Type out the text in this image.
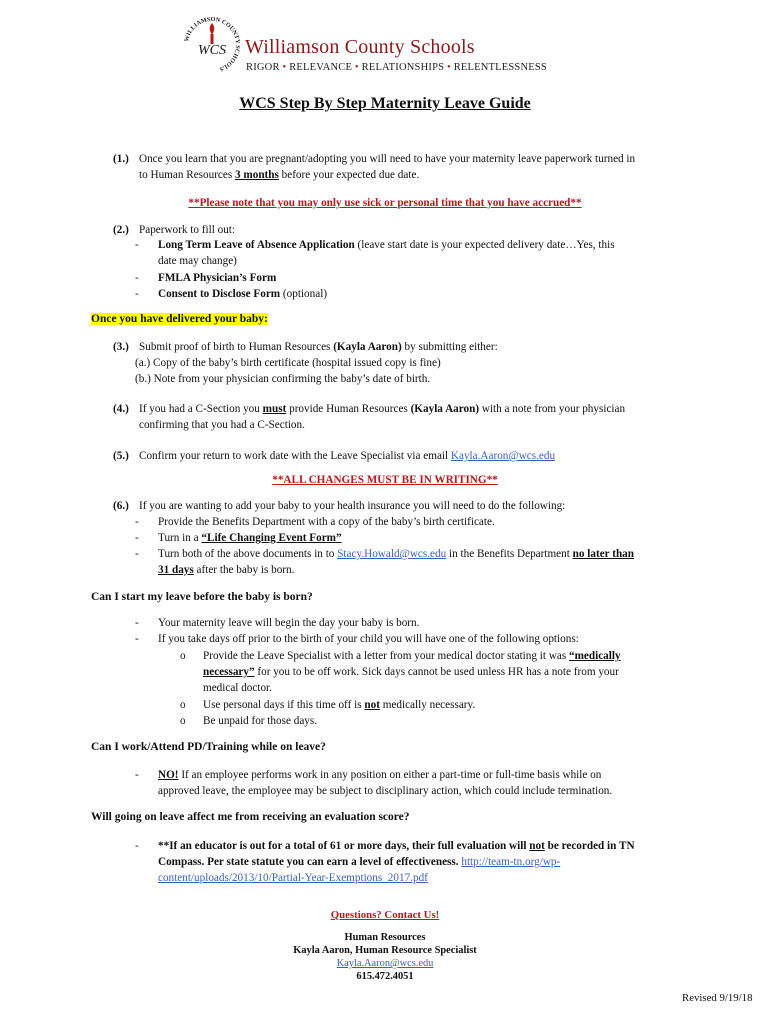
WILLIAMSON COUNTY SCHOOLS
WCS Williamson County Schools
RIGOR • RELEVANCE • RELATIONSHIPS • RELENTLESSNESS
WCS Step By Step Maternity Leave Guide
(1.) Once you learn that you are pregnant/adopting you will need to have your maternity leave paperwork turned in
to Human Resources 3 months before your expected due date.
**Please note that you may only use sick or personal time that you have accrued**
(2.) Paperwork to fill out:
- Long Term Leave of Absence Application (leave start date is your expected delivery date…Yes, this
date may change)
- FMLA Physician’s Form
- Consent to Disclose Form (optional)
Once you have delivered your baby:
(3.) Submit proof of birth to Human Resources (Kayla Aaron) by submitting either:
(a.) Copy of the baby’s birth certificate (hospital issued copy is fine)
(b.) Note from your physician confirming the baby’s date of birth.
(4.) If you had a C-Section you must provide Human Resources (Kayla Aaron) with a note from your physician
confirming that you had a C-Section.
(5.) Confirm your return to work date with the Leave Specialist via email Kayla.Aaron@wcs.edu
**ALL CHANGES MUST BE IN WRITING**
(6.) If you are wanting to add your baby to your health insurance you will need to do the following:
- Provide the Benefits Department with a copy of the baby’s birth certificate.
- Turn in a “Life Changing Event Form”
- Turn both of the above documents in to Stacy.Howald@wcs.edu in the Benefits Department no later than
31 days after the baby is born.
Can I start my leave before the baby is born?
- Your maternity leave will begin the day your baby is born.
- If you take days off prior to the birth of your child you will have one of the following options:
o Provide the Leave Specialist with a letter from your medical doctor stating it was “medically
necessary” for you to be off work. Sick days cannot be used unless HR has a note from your
medical doctor.
o Use personal days if this time off is not medically necessary.
o Be unpaid for those days.
Can I work/Attend PD/Training while on leave?
- NO! If an employee performs work in any position on either a part-time or full-time basis while on
approved leave, the employee may be subject to disciplinary action, which could include termination.
Will going on leave affect me from receiving an evaluation score?
- **If an educator is out for a total of 61 or more days, their full evaluation will not be recorded in TN
Compass. Per state statute you can earn a level of effectiveness. http://team-tn.org/wp-
content/uploads/2013/10/Partial-Year-Exemptions_2017.pdf
Questions? Contact Us!
Human Resources
Kayla Aaron, Human Resource Specialist
Kayla.Aaron@wcs.edu
615.472.4051
Revised 9/19/18
